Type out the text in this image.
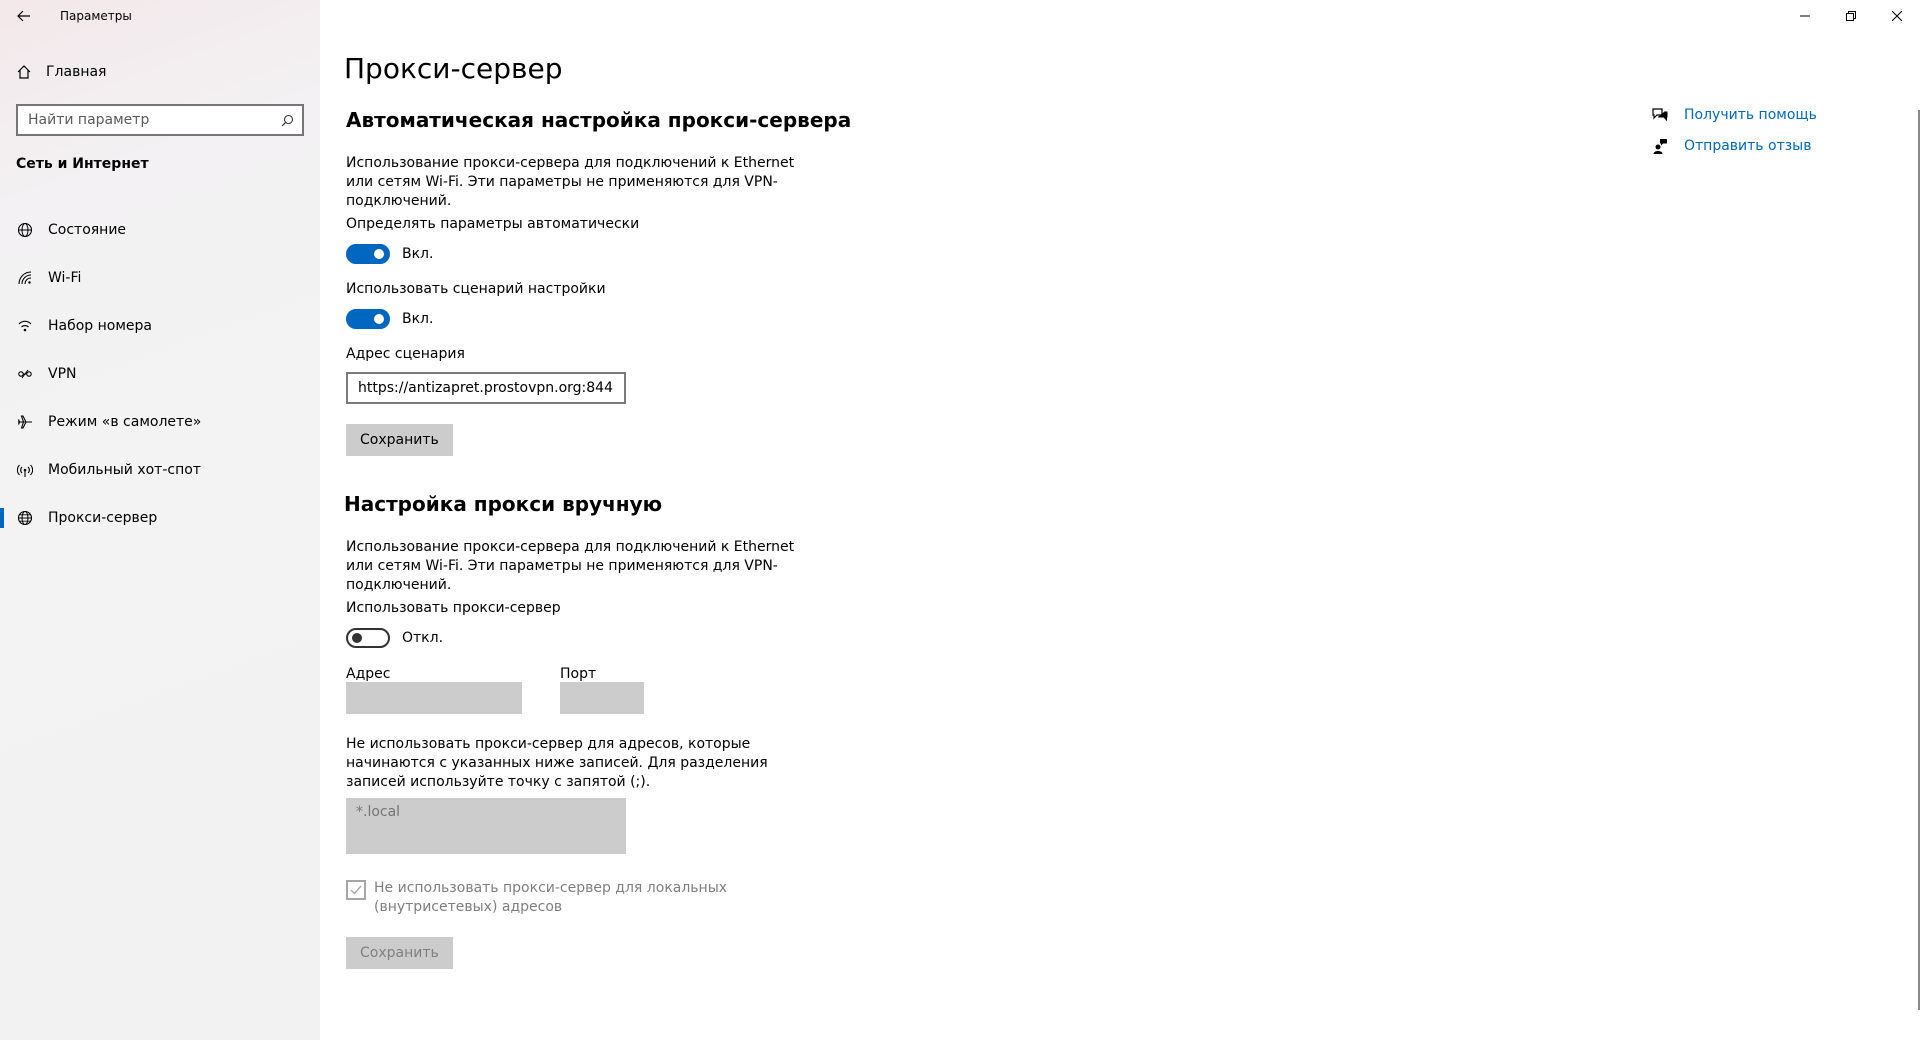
Параметры
Главная
Найти параметр
Сеть и Интернет
Состояние
Wi-Fi
Набор номера
VPN
Режим «в самолете»
Мобильный хот-спот
Прокси-сервер
Прокси-сервер
Автоматическая настройка прокси-сервера
Использование прокси-сервера для подключений к Ethernet или сетям Wi-Fi. Эти параметры не применяются для VPN-подключений.
Определять параметры автоматически
Вкл.
Использовать сценарий настройки
Вкл.
Адрес сценария
https://antizapret.prostovpn.org:8443/proxy.pac
Сохранить
Настройка прокси вручную
Использование прокси-сервера для подключений к Ethernet или сетям Wi-Fi. Эти параметры не применяются для VPN-подключений.
Использовать прокси-сервер
Откл.
Адрес	Порт
Не использовать прокси-сервер для адресов, которые начинаются с указанных ниже записей. Для разделения записей используйте точку с запятой (;).
*.local
Не использовать прокси-сервер для локальных (внутрисетевых) адресов
Сохранить
Получить помощь
Отправить отзыв
